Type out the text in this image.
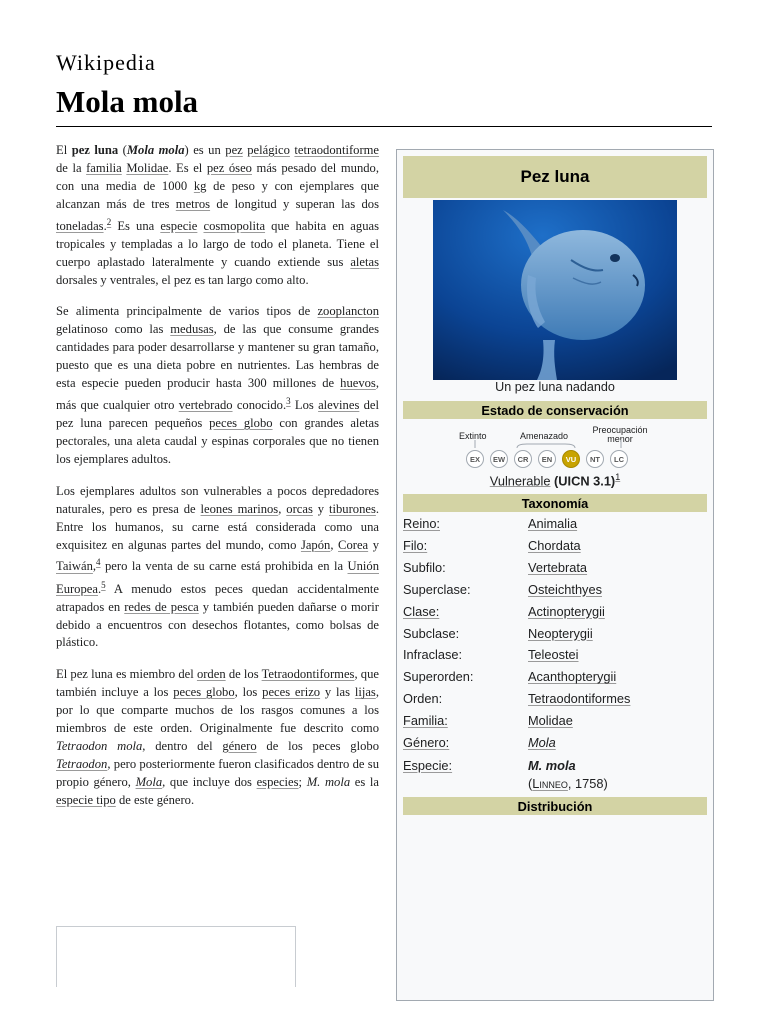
Wikipedia
Mola mola

El pez luna (Mola mola) es un pez pelágico tetraodontiforme de la familia Molidae. Es el pez óseo más pesado del mundo, con una media de 1000 kg de peso y con ejemplares que alcanzan más de tres metros de longitud y superan las dos toneladas.$^2$ Es una especie cosmopolita que habita en aguas tropicales y templadas a lo largo de todo el planeta. Tiene el cuerpo aplastado lateralmente y cuando extiende sus aletas dorsales y ventrales, el pez es tan largo como alto.

Se alimenta principalmente de varios tipos de zooplancton gelatinoso como las medusas, de las que consume grandes cantidades para poder desarrollarse y mantener su gran tamaño, puesto que es una dieta pobre en nutrientes. Las hembras de esta especie pueden producir hasta 300 millones de huevos, más que cualquier otro vertebrado conocido.$^3$ Los alevines del pez luna parecen pequeños peces globo con grandes aletas pectorales, una aleta caudal y espinas corporales que no tienen los ejemplares adultos.

Los ejemplares adultos son vulnerables a pocos depredadores naturales, pero es presa de leones marinos, orcas y tiburones. Entre los humanos, su carne está considerada como una exquisitez en algunas partes del mundo, como Japón, Corea y Taiwán,$^4$ pero la venta de su carne está prohibida en la Unión Europea.$^5$ A menudo estos peces quedan accidentalmente atrapados en redes de pesca y también pueden dañarse o morir debido a encuentros con desechos flotantes, como bolsas de plástico.

El pez luna es miembro del orden de los Tetraodontiformes, que también incluye a los peces globo, los peces erizo y las lijas, por lo que comparte muchos de los rasgos comunes a los miembros de este orden. Originalmente fue descrito como Tetraodon mola, dentro del género de los peces globo Tetraodon, pero posteriormente fueron clasificados dentro de su propio género, Mola, que incluye dos especies; M. mola es la especie tipo de este género.

Pez luna
Un pez luna nadando
Estado de conservación
Extinto	Amenazado
Preocupación menor
EX	EW	CR	EN	VU	NT	LC
Vulnerable (UICN 3.1)$^1$
Taxonomía
Reino:	Animalia
Filo:	Chordata
Subfilo:	Vertebrata
Superclase:	Osteichthyes
Clase:	Actinopterygii
Subclase:	Neopterygii
Infraclase:	Teleostei
Superorden:	Acanthopterygii
Orden:	Tetraodontiformes
Familia:	Molidae
Género:	Mola
Especie:	M. mola
(Linneo, 1758)
Distribución
